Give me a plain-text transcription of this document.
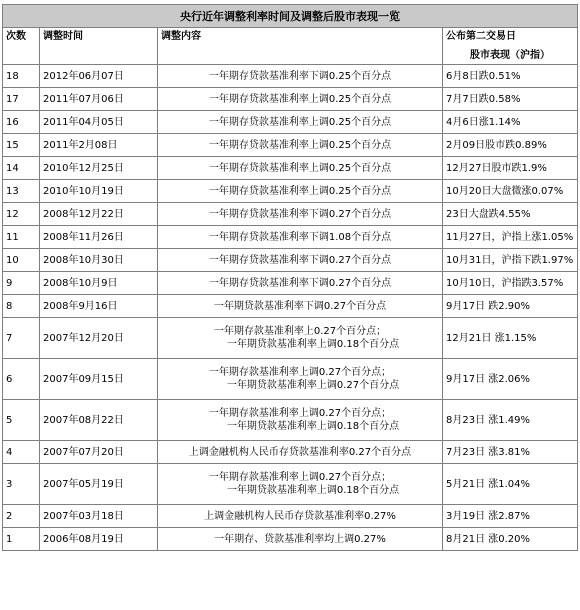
央行近年调整利率时间及调整后股市表现一览			
次数	调整时间	调整内容	公布第二交易日
股市表现（沪指）

18	2012年06月07日	一年期存贷款基准利率下调0.25个百分点	6月8日跌0.51%
17	2011年07月06日	一年期存贷款基准利率上调0.25个百分点	7月7日跌0.58%
16	2011年04月05日	一年期存贷款基准利率上调0.25个百分点	4月6日涨1.14%
15	2011年2月08日	一年期存贷款基准利率上调0.25个百分点	2月09日股市跌0.89%
14	2010年12月25日	一年期存贷款基准利率上调0.25个百分点	12月27日股市跌1.9%
13	2010年10月19日	一年期存贷款基准利率上调0.25个百分点	10月20日大盘微涨0.07%
12	2008年12月22日	一年期存贷款基准利率下调0.27个百分点	23日大盘跌4.55%
11	2008年11月26日	一年期存贷款基准利率下调1.08个百分点	11月27日，沪指上涨1.05%
10	2008年10月30日	一年期存贷款基准利率下调0.27个百分点	10月31日，沪指下跌1.97%
9	2008年10月9日	一年期存贷款基准利率下调0.27个百分点	10月10日，沪指跌3.57%
8	2008年9月16日	一年期贷款基准利率下调0.27个百分点	9月17日 跌2.90%
7	2007年12月20日	一年期存款基准利率上0.27个百分点；
一年期贷款基准利率上调0.18个百分点	12月21日 涨1.15%
6	2007年09月15日	一年期存款基准利率上调0.27个百分点；
一年期贷款基准利率上调0.27个百分点	9月17日 涨2.06%
5	2007年08月22日	一年期存款基准利率上调0.27个百分点；
一年期贷款基准利率上调0.18个百分点	8月23日 涨1.49%
4	2007年07月20日	上调金融机构人民币存贷款基准利率0.27个百分点	7月23日 涨3.81%
3	2007年05月19日	一年期存款基准利率上调0.27个百分点；
一年期贷款基准利率上调0.18个百分点	5月21日 涨1.04%
2	2007年03月18日	上调金融机构人民币存贷款基准利率0.27%	3月19日 涨2.87%
1	2006年08月19日	一年期存、贷款基准利率均上调0.27%	8月21日 涨0.20%
